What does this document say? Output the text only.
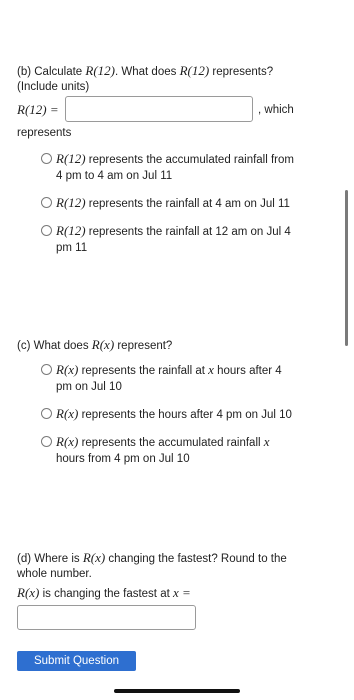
(b) Calculate R(12). What does R(12) represents?
(Include units)
R(12) =	, which
represents
R(12) represents the accumulated rainfall from
4 pm to 4 am on Jul 11
R(12) represents the rainfall at 4 am on Jul 11
R(12) represents the rainfall at 12 am on Jul 4
pm 11
(c) What does R(x) represent?
R(x) represents the rainfall at x hours after 4
pm on Jul 10
R(x) represents the hours after 4 pm on Jul 10
R(x) represents the accumulated rainfall x
hours from 4 pm on Jul 10
(d) Where is R(x) changing the fastest? Round to the
whole number.
R(x) is changing the fastest at x =
Submit Question
